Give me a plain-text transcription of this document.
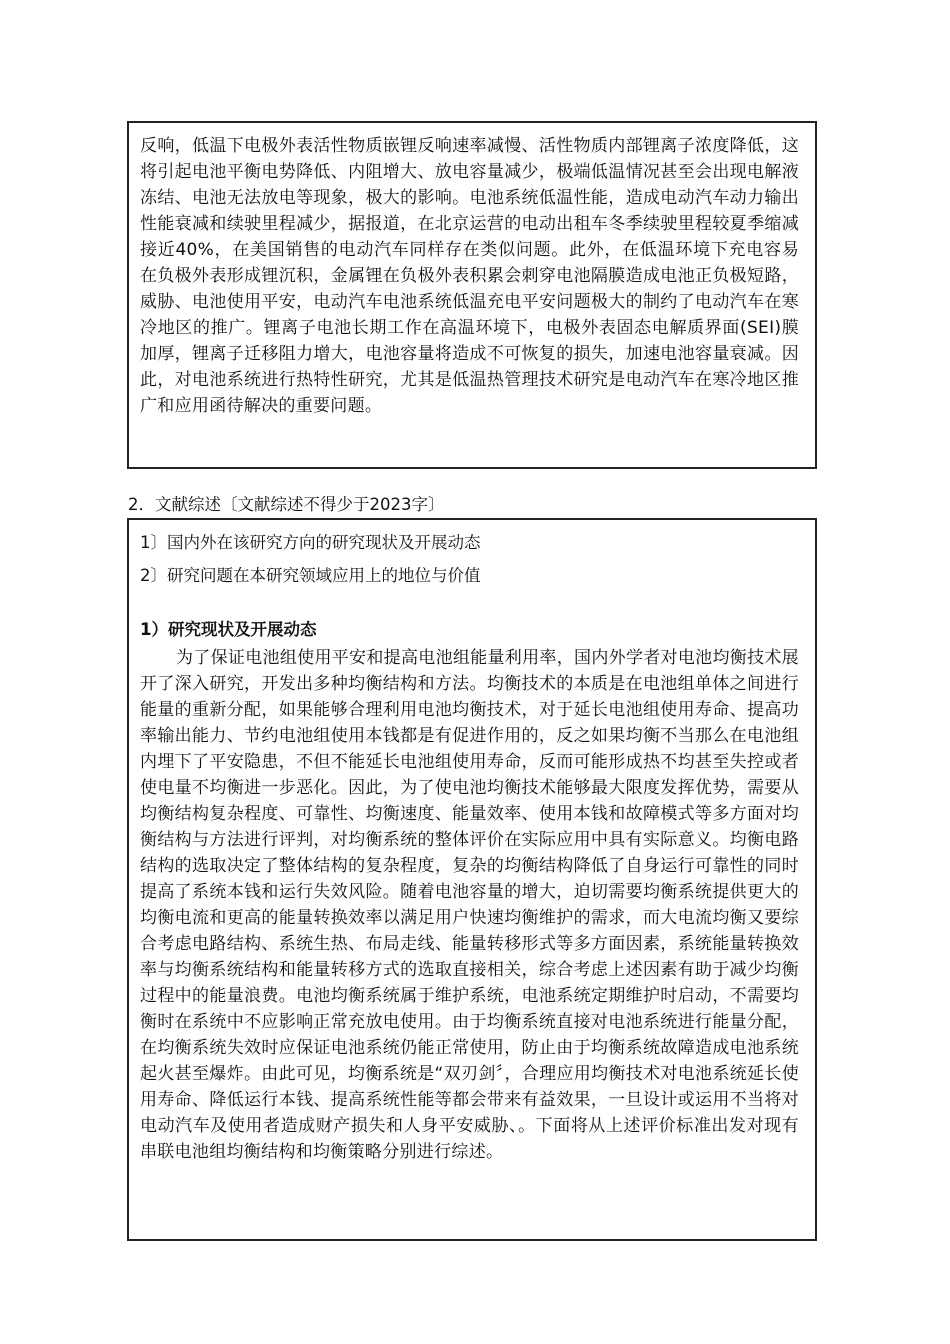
反响，低温下电极外表活性物质嵌锂反响速率减慢、活性物质内部锂离子浓度降低，这将引起电池平衡电势降低、内阻增大、放电容量减少，极端低温情况甚至会出现电解液冻结、电池无法放电等现象，极大的影响。电池系统低温性能，造成电动汽车动力输出性能衰减和续驶里程减少，据报道，在北京运营的电动出租车冬季续驶里程较夏季缩减接近40%，在美国销售的电动汽车同样存在类似问题。此外，在低温环境下充电容易在负极外表形成锂沉积，金属锂在负极外表积累会刺穿电池隔膜造成电池正负极短路，威胁、电池使用平安，电动汽车电池系统低温充电平安问题极大的制约了电动汽车在寒冷地区的推广。锂离子电池长期工作在高温环境下，电极外表固态电解质界面(SEI)膜加厚，锂离子迁移阻力增大，电池容量将造成不可恢复的损失，加速电池容量衰减。因此，对电池系统进行热特性研究，尤其是低温热管理技术研究是电动汽车在寒冷地区推广和应用函待解决的重要问题。

2．文献综述〔文献综述不得少于2023字〕

1〕国内外在该研究方向的研究现状及开展动态

2〕研究问题在本研究领域应用上的地位与价值

1）研究现状及开展动态

为了保证电池组使用平安和提高电池组能量利用率，国内外学者对电池均衡技术展开了深入研究，开发出多种均衡结构和方法。均衡技术的本质是在电池组单体之间进行能量的重新分配，如果能够合理利用电池均衡技术，对于延长电池组使用寿命、提高功率输出能力、节约电池组使用本钱都是有促进作用的，反之如果均衡不当那么在电池组内埋下了平安隐患，不但不能延长电池组使用寿命，反而可能形成热不均甚至失控或者使电量不均衡进一步恶化。因此，为了使电池均衡技术能够最大限度发挥优势，需要从均衡结构复杂程度、可靠性、均衡速度、能量效率、使用本钱和故障模式等多方面对均衡结构与方法进行评判，对均衡系统的整体评价在实际应用中具有实际意义。均衡电路结构的选取决定了整体结构的复杂程度，复杂的均衡结构降低了自身运行可靠性的同时提高了系统本钱和运行失效风险。随着电池容量的增大，迫切需要均衡系统提供更大的均衡电流和更高的能量转换效率以满足用户快速均衡维护的需求，而大电流均衡又要综合考虑电路结构、系统生热、布局走线、能量转移形式等多方面因素，系统能量转换效率与均衡系统结构和能量转移方式的选取直接相关，综合考虑上述因素有助于减少均衡过程中的能量浪费。电池均衡系统属于维护系统，电池系统定期维护时启动，不需要均衡时在系统中不应影响正常充放电使用。由于均衡系统直接对电池系统进行能量分配，在均衡系统失效时应保证电池系统仍能正常使用，防止由于均衡系统故障造成电池系统起火甚至爆炸。由此可见，均衡系统是“双刃剑〞，合理应用均衡技术对电池系统延长使用寿命、降低运行本钱、提高系统性能等都会带来有益效果，一旦设计或运用不当将对电动汽车及使用者造成财产损失和人身平安威胁、。下面将从上述评价标准出发对现有串联电池组均衡结构和均衡策略分别进行综述。
